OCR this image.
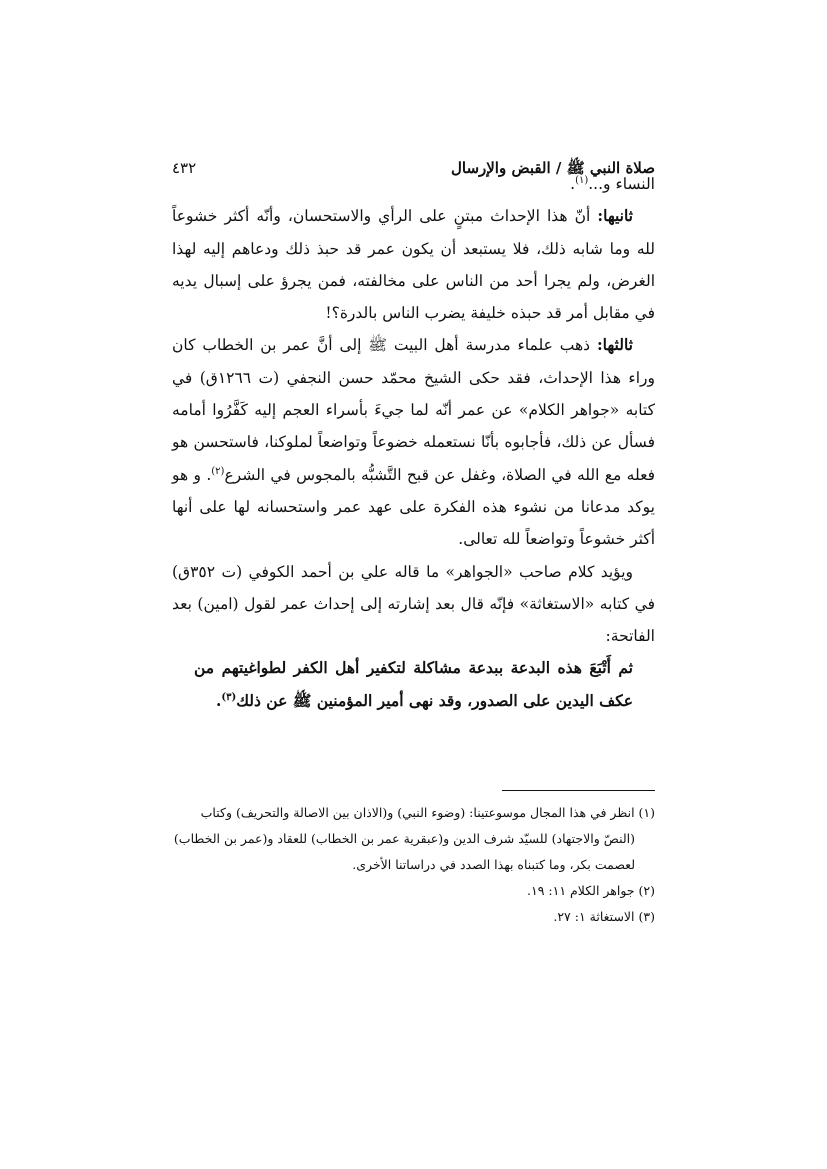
صلاة النبي ﷺ / القبض والإرسال
٤٣٢

النساء و...$^{(١)}$.

ثانيها: أنّ هذا الإحداث مبتنٍ على الرأي والاستحسان، وأنّه أكثر خشوعاً لله وما شابه ذلك، فلا يستبعد أن يكون عمر قد حبذ ذلك ودعاهم إليه لهذا الغرض، ولم يجرا أحد من الناس على مخالفته، فمن يجرؤ على إسبال يديه في مقابل أمر قد حبذه خليفة يضرب الناس بالدرة؟!

ثالثها: ذهب علماء مدرسة أهل البيت ﷺ إلى أنَّ عمر بن الخطاب كان وراء هذا الإحداث، فقد حكى الشيخ محمّد حسن النجفي (ت ١٢٦٦ق) في كتابه «جواهر الكلام» عن عمر أنّه لما جيءَ بأسراء العجم إليه كَفَّرُوا أمامه فسأل عن ذلك، فأجابوه بأنّا نستعمله خضوعاً وتواضعاً لملوكنا، فاستحسن هو فعله مع الله في الصلاة، وغفل عن قبح التَّشبُّه بالمجوس في الشرع$^{(٢)}$. و هو يوكد مدعانا من نشوء هذه الفكرة على عهد عمر واستحسانه لها على أنها أكثر خشوعاً وتواضعاً لله تعالى.

ويؤيد كلام صاحب «الجواهر» ما قاله علي بن أحمد الكوفي (ت ٣٥٢ق) في كتابه «الاستغاثة» فإنّه قال بعد إشارته إلى إحداث عمر لقول (امين) بعد الفاتحة:

ثم أَتْبَعَ هذه البدعة ببدعة مشاكلة لتكفير أهل الكفر لطواغيتهم من عكف اليدين على الصدور، وقد نهى أمير المؤمنين ﷺ عن ذلك$^{(٣)}$.

(١) انظر في هذا المجال موسوعتينا: (وضوء النبي) و(الاذان بين الاصالة والتحريف) وكتاب

(النصّ والاجتهاد) للسيّد شرف الدين و(عبقرية عمر بن الخطاب) للعقاد و(عمر بن الخطاب)

لعصمت بكر، وما كتبناه بهذا الصدد في دراساتنا الأخرى.

(٢) جواهر الكلام ١١: ١٩.

(٣) الاستغاثة ١: ٢٧.
